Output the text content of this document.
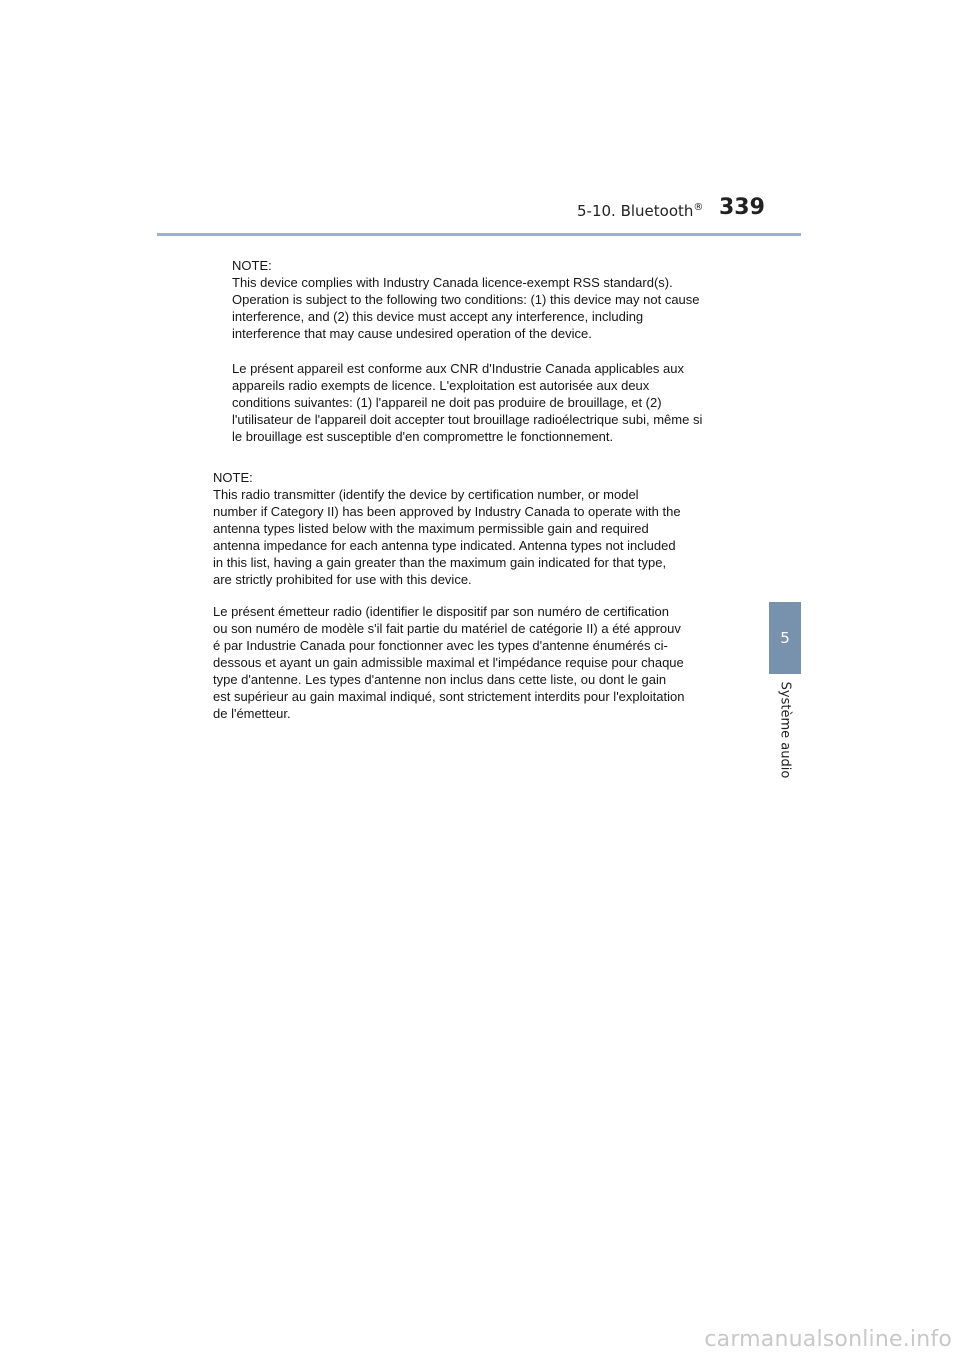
5-10. Bluetooth® 339
5
Système audio
NOTE:
This device complies with Industry Canada licence-exempt RSS standard(s).
Operation is subject to the following two conditions: (1) this device may not cause
interference, and (2) this device must accept any interference, including
interference that may cause undesired operation of the device.
Le présent appareil est conforme aux CNR d'Industrie Canada applicables aux
appareils radio exempts de licence. L'exploitation est autorisée aux deux
conditions suivantes: (1) l'appareil ne doit pas produire de brouillage, et (2)
l'utilisateur de l'appareil doit accepter tout brouillage radioélectrique subi, même si
le brouillage est susceptible d'en compromettre le fonctionnement.
NOTE:
This radio transmitter (identify the device by certification number, or model
number if Category II) has been approved by Industry Canada to operate with the
antenna types listed below with the maximum permissible gain and required
antenna impedance for each antenna type indicated. Antenna types not included
in this list, having a gain greater than the maximum gain indicated for that type,
are strictly prohibited for use with this device.
Le présent émetteur radio (identifier le dispositif par son numéro de certification
ou son numéro de modèle s'il fait partie du matériel de catégorie II) a été approuv
é par Industrie Canada pour fonctionner avec les types d'antenne énumérés ci-
dessous et ayant un gain admissible maximal et l'impédance requise pour chaque
type d'antenne. Les types d'antenne non inclus dans cette liste, ou dont le gain
est supérieur au gain maximal indiqué, sont strictement interdits pour l'exploitation
de l'émetteur.
carmanualsonline.info
